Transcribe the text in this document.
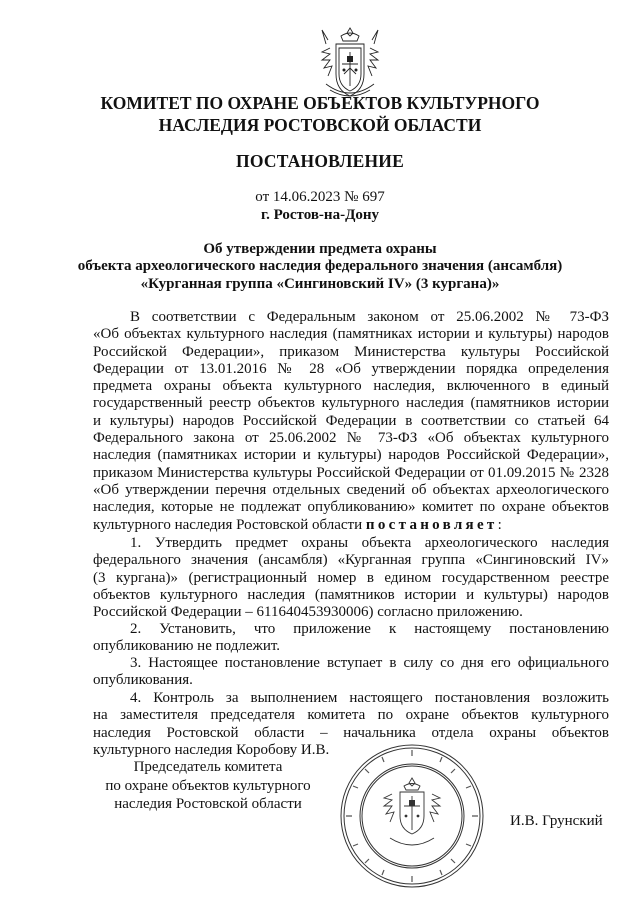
КОМИТЕТ ПО ОХРАНЕ ОБЪЕКТОВ КУЛЬТУРНОГО
НАСЛЕДИЯ РОСТОВСКОЙ ОБЛАСТИ
ПОСТАНОВЛЕНИЕ
от 14.06.2023 № 697
г. Ростов-на-Дону
Об утверждении предмета охраны
объекта археологического наследия федерального значения (ансамбля)
«Курганная группа «Сингиновский IV» (3 кургана)»
В соответствии с Федеральным законом от 25.06.2002 № 73-ФЗ
«Об объектах культурного наследия (памятниках истории и культуры) народов
Российской Федерации», приказом Министерства культуры Российской
Федерации от 13.01.2016 № 28 «Об утверждении порядка определения
предмета охраны объекта культурного наследия, включенного в единый
государственный реестр объектов культурного наследия (памятников истории
и культуры) народов Российской Федерации в соответствии со статьей 64
Федерального закона от 25.06.2002 № 73-ФЗ «Об объектах культурного
наследия (памятниках истории и культуры) народов Российской Федерации»,
приказом Министерства культуры Российской Федерации от 01.09.2015 № 2328
«Об утверждении перечня отдельных сведений об объектах археологического
наследия, которые не подлежат опубликованию» комитет по охране объектов
культурного наследия Ростовской области постановляет:
1. Утвердить предмет охраны объекта археологического наследия
федерального значения (ансамбля) «Курганная группа «Сингиновский IV»
(3 кургана)» (регистрационный номер в едином государственном реестре
объектов культурного наследия (памятников истории и культуры) народов
Российской Федерации – 611640453930006) согласно приложению.
2. Установить, что приложение к настоящему постановлению
опубликованию не подлежит.
3. Настоящее постановление вступает в силу со дня его официального
опубликования.
4. Контроль за выполнением настоящего постановления возложить
на заместителя председателя комитета по охране объектов культурного
наследия Ростовской области – начальника отдела охраны объектов
культурного наследия Коробову И.В.
Председатель комитета
по охране объектов культурного
наследия Ростовской области
И.В. Грунский
